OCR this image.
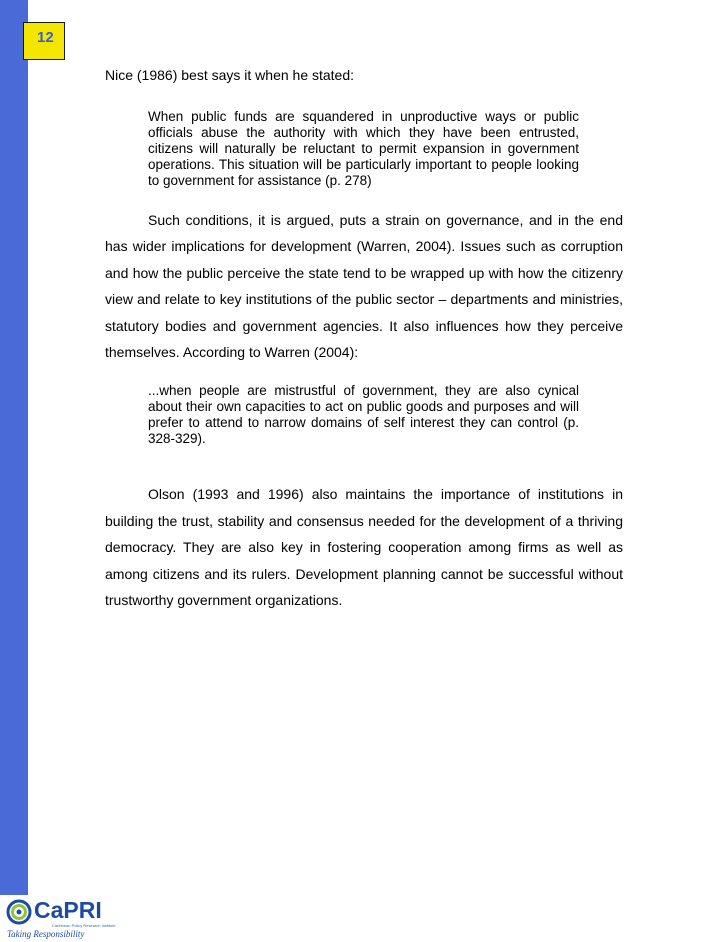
12

Nice (1986) best says it when he stated:

When public funds are squandered in unproductive ways or public officials abuse the authority with which they have been entrusted, citizens will naturally be reluctant to permit expansion in government operations. This situation will be particularly important to people looking to government for assistance (p. 278)

Such conditions, it is argued, puts a strain on governance, and in the end has wider implications for development (Warren, 2004). Issues such as corruption and how the public perceive the state tend to be wrapped up with how the citizenry view and relate to key institutions of the public sector – departments and ministries, statutory bodies and government agencies. It also influences how they perceive themselves. According to Warren (2004):

...when people are mistrustful of government, they are also cynical about their own capacities to act on public goods and purposes and will prefer to attend to narrow domains of self interest they can control (p. 328-329).

Olson (1993 and 1996) also maintains the importance of institutions in building the trust, stability and consensus needed for the development of a thriving democracy. They are also key in fostering cooperation among firms as well as among citizens and its rulers. Development planning cannot be successful without trustworthy government organizations.

CaPRI
Caribbean Policy Research Institute
Taking Responsibility
